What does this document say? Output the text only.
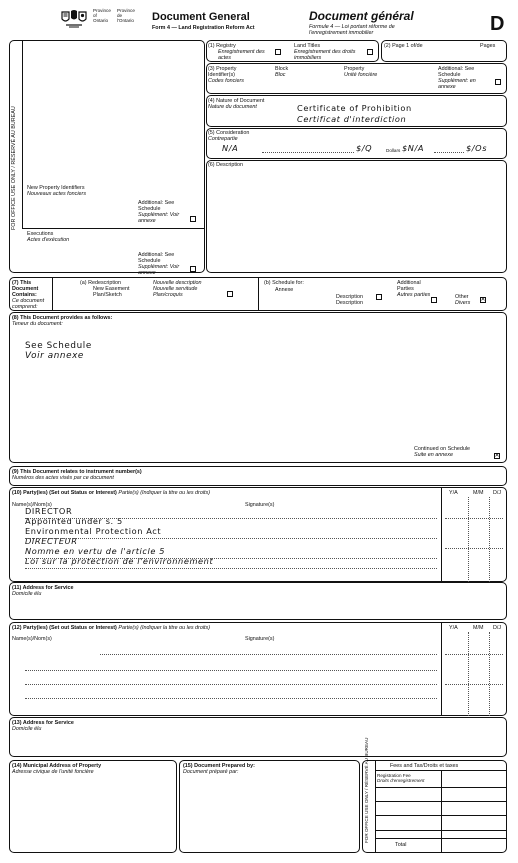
Province
of
Ontario
Province
de
l'Ontario	Document General
Form 4 — Land Registration Reform Act
Document général
Formule 4 — Loi portant réforme de l'enregistrement immobilier	D
FOR OFFICE USE ONLY / RÉSERVÉ AU BUREAU New Property Identifiers
Nouveaux actes fonciers
Additional: See Schedule
Supplément: Voir annexe
Executions
Actes d'exécution
Additional: See Schedule
Supplément: Voir annexe
(1) Registry
Enregistrement des actes
Land Titles
Enregistrement des droits immobiliers
(2) Page 1 of/de	Pages
(3) Property Identifier(s)
Codes fonciers
Block
Bloc
Property
Unité foncière
Additional: See Schedule
Supplément: en annexe
(4) Nature of Document
Nature du document	Certificate of Prohibition
Certificat d'interdiction
(5) Consideration
Contrepartie
N/A	$/Q	Dollars $N/A	$/Os
(6) Description
(7) This Document Contains:
Ce document comprend:
(a) Redescription	Nouvelle description
New Easement	Nouvelle servitude
Plan/Sketch	Plan/croquis
(b) Schedule for:
Annexe
Description
Description
Additional Parties
Autres parties	Other
Divers
✕
(8) This Document provides as follows:
Teneur du document:
See Schedule
Voir annexe
Continued on Schedule
Suite en annexe
✕
(9) This Document relates to instrument number(s)
Numéros des actes visés par ce document
(10) Party(ies) (Set out Status or Interest) Partie(s) (Indiquer la titre ou les droits)	Y/A	M/M D/J
Name(s)/Nom(s)	Signature(s)
DIRECTOR
Appointed under s. 5
Environmental Protection Act
DIRECTEUR
Nomme en vertu de l'article 5
Loi sur la protection de l'environnement
(11) Address for Service
Domicile élu
(12) Party(ies) (Set out Status or Interest) Partie(s) (Indiquer la titre ou les droits)	Y/A	M/M D/J
Name(s)/Nom(s)	Signature(s)
(13) Address for Service
Domicile élu
(14) Municipal Address of Property
Adresse civique de l'unité foncière
(15) Document Prepared by:
Document préparé par:	FOR OFFICE USE ONLY / RÉSERVÉ AU BUREAU	Fees and Tax/Droits et taxes
Registration Fee
Droits d'enregistrement
Total
